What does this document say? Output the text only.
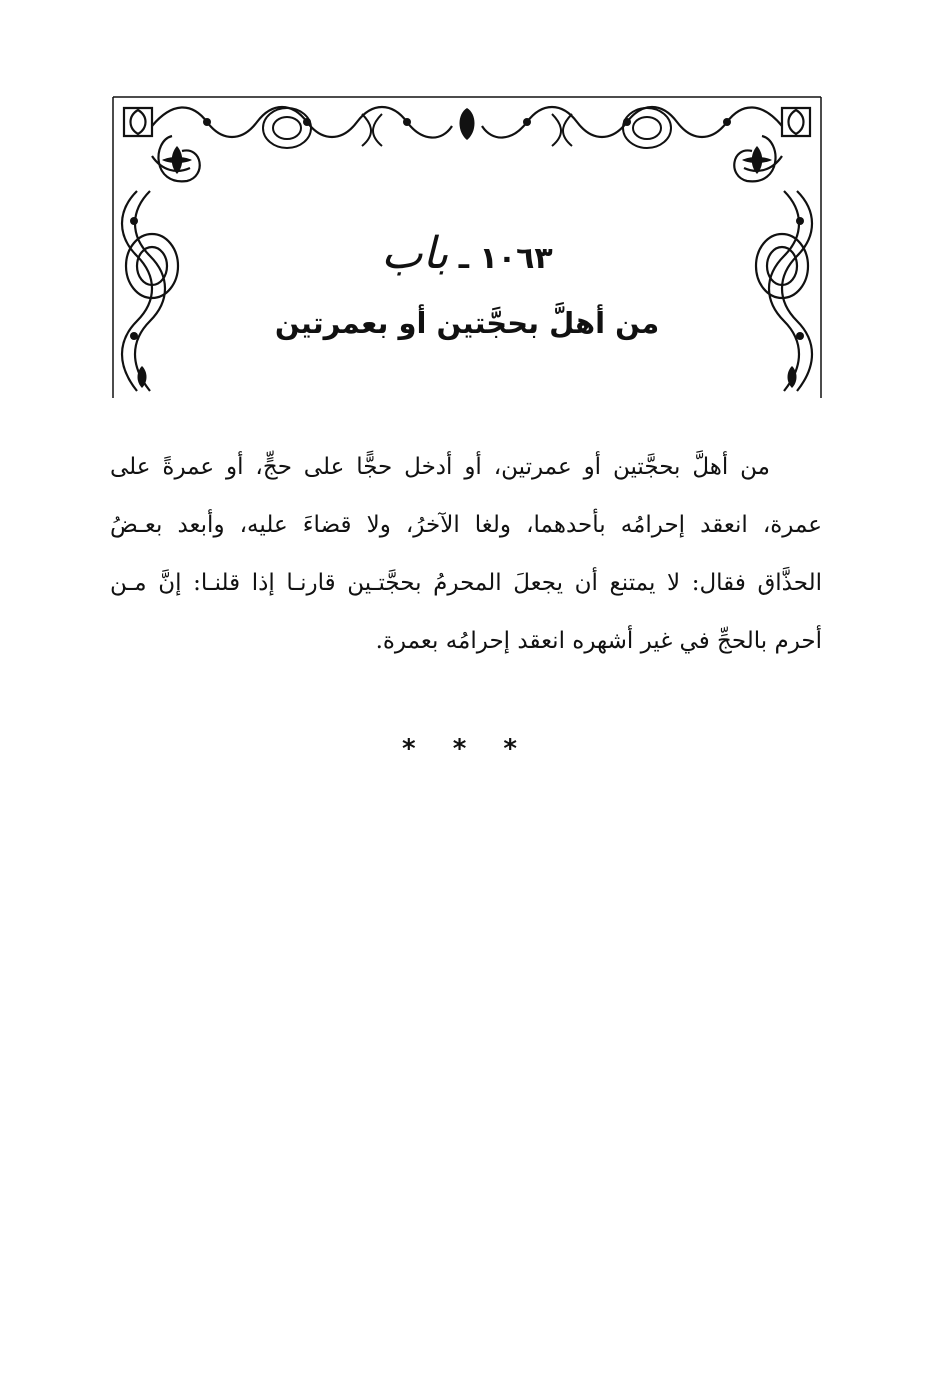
١٠٦٣ ـ باب
من أهلَّ بحجَّتين أو بعمرتين
من أهلَّ بحجَّتين أو عمرتين، أو أدخل حجًّا على حجٍّ، أو عمرةً على
عمرة، انعقد إحرامُه بأحدهما، ولغا الآخرُ، ولا قضاءَ عليه، وأبعد بعـضُ
الحذَّاق فقال: لا يمتنع أن يجعلَ المحرمُ بحجَّتـين قارنـا إذا قلنـا: إنَّ مـن
أحرم بالحجِّ في غير أشهره انعقد إحرامُه بعمرة.
* * *
